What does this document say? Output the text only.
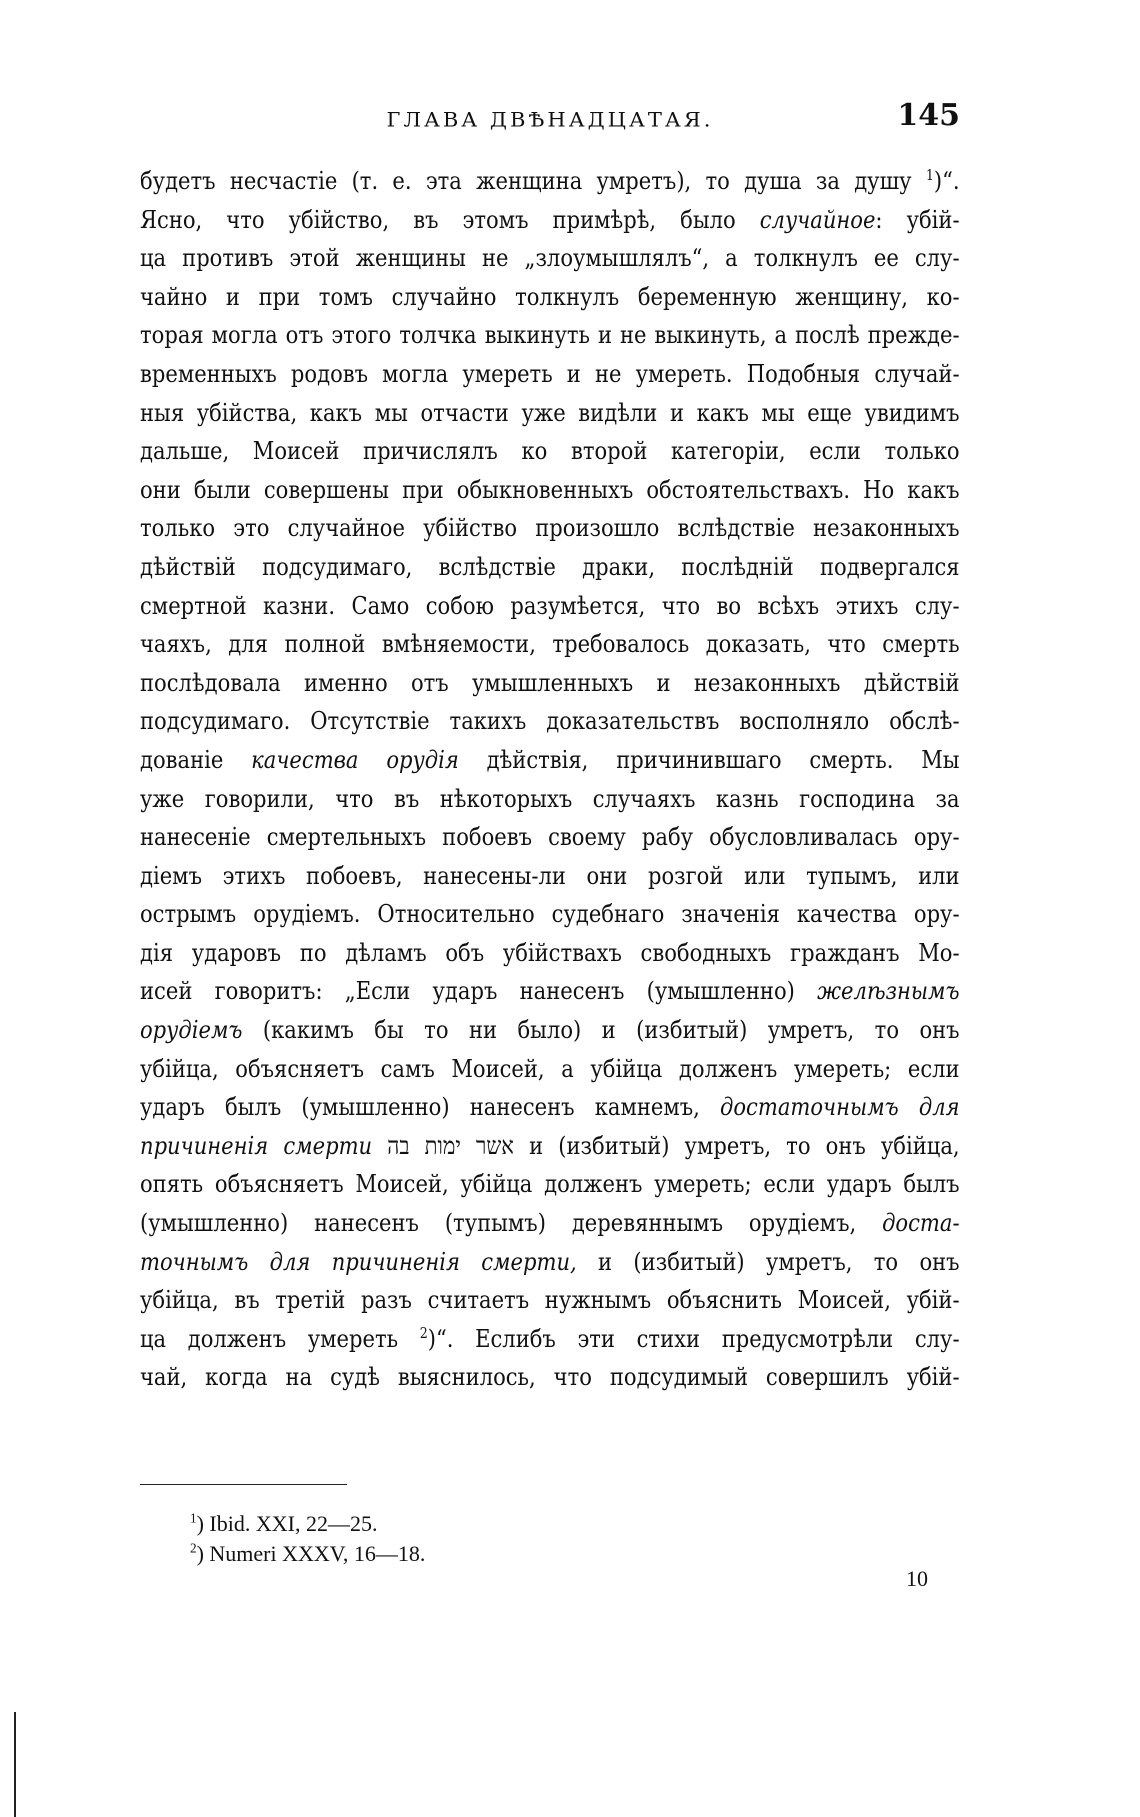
ГЛАВА ДВѢНАДЦАТАЯ.	145
будетъ несчастіе (т. е. эта женщина умретъ), то душа за душу $^1$)“.
Ясно, что убійство, въ этомъ примѣрѣ, было случайное: убій-
ца противъ этой женщины не „злоумышлялъ“, а толкнулъ ее слу-
чайно и при томъ случайно толкнулъ беременную женщину, ко-
торая могла отъ этого толчка выкинуть и не выкинуть, а послѣ прежде-
временныхъ родовъ могла умереть и не умереть. Подобныя случай-
ныя убійства, какъ мы отчасти уже видѣли и какъ мы еще увидимъ
дальше, Моисей причислялъ ко второй категоріи, если только
они были совершены при обыкновенныхъ обстоятельствахъ. Но какъ
только это случайное убійство произошло вслѣдствіе незаконныхъ
дѣйствій подсудимаго, вслѣдствіе драки, послѣдній подвергался
смертной казни. Само собою разумѣется, что во всѣхъ этихъ слу-
чаяхъ, для полной вмѣняемости, требовалось доказать, что смерть
послѣдовала именно отъ умышленныхъ и незаконныхъ дѣйствій
подсудимаго. Отсутствіе такихъ доказательствъ восполняло обслѣ-
дованіе качества орудія дѣйствія, причинившаго смерть. Мы
уже говорили, что въ нѣкоторыхъ случаяхъ казнь господина за
нанесеніе смертельныхъ побоевъ своему рабу обусловливалась ору-
діемъ этихъ побоевъ, нанесены-ли они розгой или тупымъ, или
острымъ орудіемъ. Относительно судебнаго значенія качества ору-
дія ударовъ по дѣламъ объ убійствахъ свободныхъ гражданъ Мо-
исей говоритъ: „Если ударъ нанесенъ (умышленно) желѣзнымъ
орудіемъ (какимъ бы то ни было) и (избитый) умретъ, то онъ
убійца, объясняетъ самъ Моисей, а убійца долженъ умереть; если
ударъ былъ (умышленно) нанесенъ камнемъ, достаточнымъ для
причиненія смерти אשר ימות בה и (избитый) умретъ, то онъ убійца,
опять объясняетъ Моисей, убійца долженъ умереть; если ударъ былъ
(умышленно) нанесенъ (тупымъ) деревяннымъ орудіемъ, доста-
точнымъ для причиненія смерти, и (избитый) умретъ, то онъ
убійца, въ третій разъ считаетъ нужнымъ объяснить Моисей, убій-
ца долженъ умереть $^2$)“. Еслибъ эти стихи предусмотрѣли слу-
чай, когда на судѣ выяснилось, что подсудимый совершилъ убій-
$^1$) Ibid. XXI, 22—25.
$^2$) Numeri XXXV, 16—18.
10
